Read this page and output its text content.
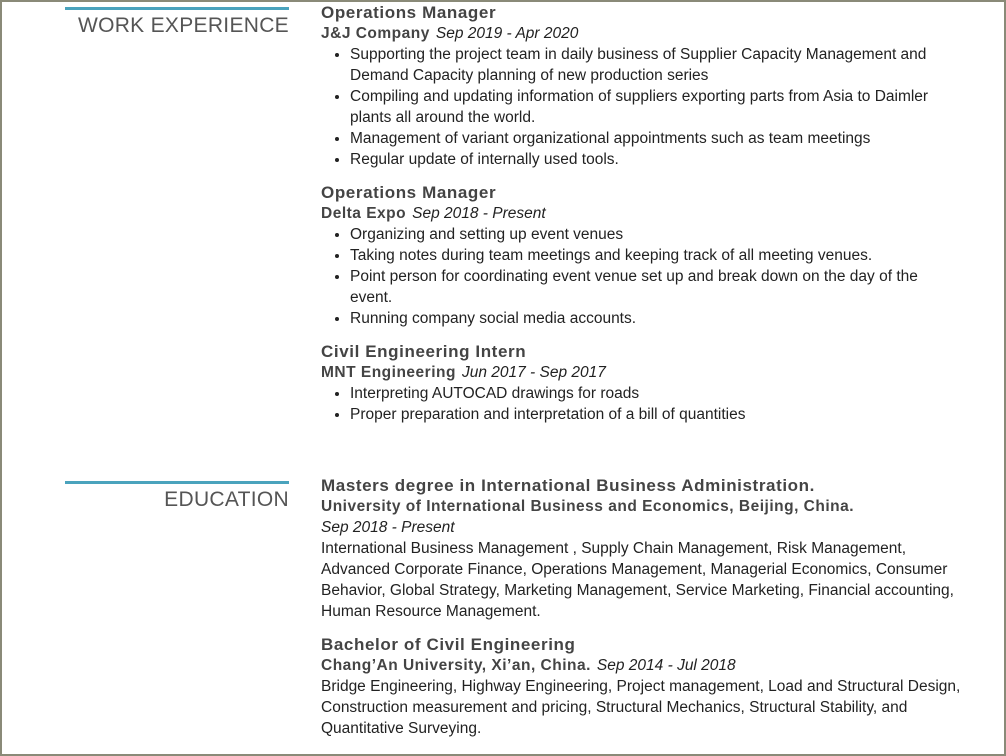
WORK EXPERIENCE
Operations Manager
J&J Company Sep 2019 - Apr 2020
• Supporting the project team in daily business of Supplier Capacity Management and Demand Capacity planning of new production series
• Compiling and updating information of suppliers exporting parts from Asia to Daimler plants all around the world.
• Management of variant organizational appointments such as team meetings
• Regular update of internally used tools.
Operations Manager
Delta Expo Sep 2018 - Present
• Organizing and setting up event venues
• Taking notes during team meetings and keeping track of all meeting venues.
• Point person for coordinating event venue set up and break down on the day of the event.
• Running company social media accounts.
Civil Engineering Intern
MNT Engineering Jun 2017 - Sep 2017
• Interpreting AUTOCAD drawings for roads
• Proper preparation and interpretation of a bill of quantities
EDUCATION
Masters degree in International Business Administration.
University of International Business and Economics, Beijing, China.
Sep 2018 - Present
International Business Management , Supply Chain Management, Risk Management, Advanced Corporate Finance, Operations Management, Managerial Economics, Consumer Behavior, Global Strategy, Marketing Management, Service Marketing, Financial accounting, Human Resource Management.
Bachelor of Civil Engineering
Chang’An University, Xi’an, China. Sep 2014 - Jul 2018
Bridge Engineering, Highway Engineering, Project management, Load and Structural Design, Construction measurement and pricing, Structural Mechanics, Structural Stability, and Quantitative Surveying.
